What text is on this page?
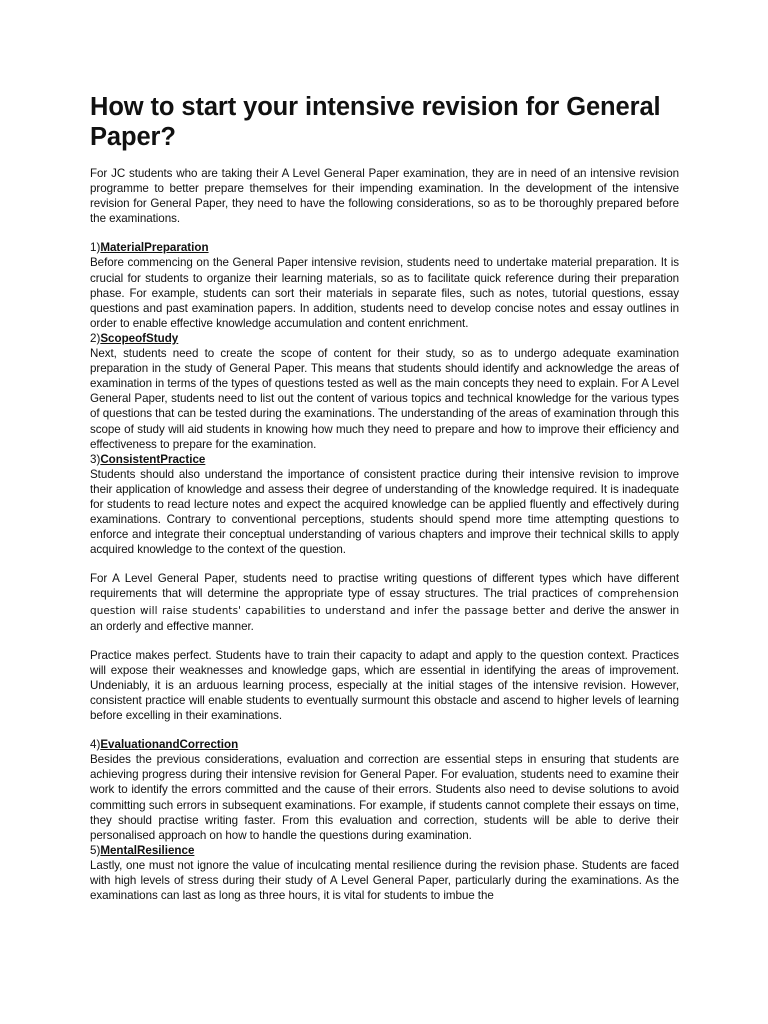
How to start your intensive revision for General Paper?

For JC students who are taking their A Level General Paper examination, they are in need of an intensive revision programme to better prepare themselves for their impending examination. In the development of the intensive revision for General Paper, they need to have the following considerations, so as to be thoroughly prepared before the examinations.

1)MaterialPreparation

Before commencing on the General Paper intensive revision, students need to undertake material preparation. It is crucial for students to organize their learning materials, so as to facilitate quick reference during their preparation phase. For example, students can sort their materials in separate files, such as notes, tutorial questions, essay questions and past examination papers. In addition, students need to develop concise notes and essay outlines in order to enable effective knowledge accumulation and content enrichment.

2)ScopeofStudy

Next, students need to create the scope of content for their study, so as to undergo adequate examination preparation in the study of General Paper. This means that students should identify and acknowledge the areas of examination in terms of the types of questions tested as well as the main concepts they need to explain. For A Level General Paper, students need to list out the content of various topics and technical knowledge for the various types of questions that can be tested during the examinations. The understanding of the areas of examination through this scope of study will aid students in knowing how much they need to prepare and how to improve their efficiency and effectiveness to prepare for the examination.

3)ConsistentPractice

Students should also understand the importance of consistent practice during their intensive revision to improve their application of knowledge and assess their degree of understanding of the knowledge required. It is inadequate for students to read lecture notes and expect the acquired knowledge can be applied fluently and effectively during examinations. Contrary to conventional perceptions, students should spend more time attempting questions to enforce and integrate their conceptual understanding of various chapters and improve their technical skills to apply acquired knowledge to the context of the question.

For A Level General Paper, students need to practise writing questions of different types which have different requirements that will determine the appropriate type of essay structures. The trial practices of comprehension question will raise students' capabilities to understand and infer the passage better and derive the answer in an orderly and effective manner.

Practice makes perfect. Students have to train their capacity to adapt and apply to the question context. Practices will expose their weaknesses and knowledge gaps, which are essential in identifying the areas of improvement. Undeniably, it is an arduous learning process, especially at the initial stages of the intensive revision. However, consistent practice will enable students to eventually surmount this obstacle and ascend to higher levels of learning before excelling in their examinations.

4)EvaluationandCorrection

Besides the previous considerations, evaluation and correction are essential steps in ensuring that students are achieving progress during their intensive revision for General Paper. For evaluation, students need to examine their work to identify the errors committed and the cause of their errors. Students also need to devise solutions to avoid committing such errors in subsequent examinations. For example, if students cannot complete their essays on time, they should practise writing faster. From this evaluation and correction, students will be able to derive their personalised approach on how to handle the questions during examination.

5)MentalResilience

Lastly, one must not ignore the value of inculcating mental resilience during the revision phase. Students are faced with high levels of stress during their study of A Level General Paper, particularly during the examinations. As the examinations can last as long as three hours, it is vital for students to imbue the
